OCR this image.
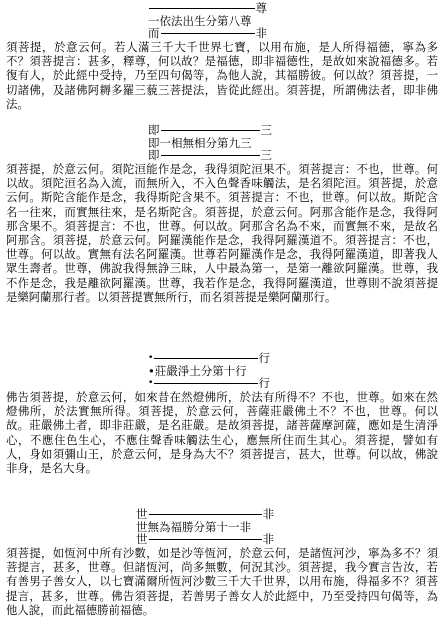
尊
一依法出生分第八尊
而	非

須菩提，於意云何。若人滿三千大千世界七寶，以用布施，是人所得福德，寧為多不？須菩提言：甚多，釋尊，何以故？是福德，即非福德性，是故如來說福德多。若復有人，於此經中受持，乃至四句偈等，為他人說，其福勝彼。何以故？須菩提，一切諸佛，及諸佛阿耨多羅三藐三菩提法，皆從此經出。須菩提，所謂佛法者，即非佛法。

即	三
即一相無相分第九三
即	三

須菩提，於意云何。須陀洹能作是念，我得須陀洹果不。須菩提言：不也，世尊。何以故。須陀洹名為入流，而無所入，不入色聲香味觸法，是名須陀洹。須菩提，於意云何。斯陀含能作是念，我得斯陀含果不。須菩提言：不也，世尊。何以故。斯陀含名一往來，而實無往來，是名斯陀含。須菩提，於意云何。阿那含能作是念，我得阿那含果不。須菩提言：不也，世尊。何以故。阿那含名為不來，而實無不來，是故名阿那含。須菩提，於意云何。阿羅漢能作是念，我得阿羅漢道不。須菩提言：不也，世尊。何以故。實無有法名阿羅漢。世尊若阿羅漢作是念，我得阿羅漢道，即著我人眾生壽者。世尊，佛說我得無諍三昧，人中最為第一，是第一離欲阿羅漢。世尊，我不作是念，我是離欲阿羅漢。世尊，我若作是念，我得阿羅漢道，世尊則不說須菩提是樂阿蘭那行者。以須菩提實無所行，而名須菩提是樂阿蘭那行。

•	行
•莊嚴淨土分第十行
•	行

佛告須菩提，於意云何，如來昔在然燈佛所，於法有所得不？不也，世尊。如來在然燈佛所，於法實無所得。須菩提，於意云何，菩薩莊嚴佛土不？不也，世尊。何以故。莊嚴佛土者，即非莊嚴，是名莊嚴。是故須菩提，諸菩薩摩訶薩，應如是生清淨心，不應住色生心，不應住聲香味觸法生心，應無所住而生其心。須菩提，譬如有人，身如須彌山王，於意云何，是身為大不？須菩提言，甚大，世尊。何以故，佛說非身，是名大身。

世	非
世無為福勝分第十一非
世	非

須菩提，如恆河中所有沙數，如是沙等恆河，於意云何，是諸恆河沙，寧為多不？須菩提言，甚多，世尊。但諸恆河，尚多無數，何況其沙。須菩提，我今實言告汝，若有善男子善女人，以七寶滿爾所恆河沙數三千大千世界，以用布施，得福多不？須菩提言，甚多，世尊。佛告須菩提，若善男子善女人於此經中，乃至受持四句偈等，為他人說，而此福德勝前福德。
